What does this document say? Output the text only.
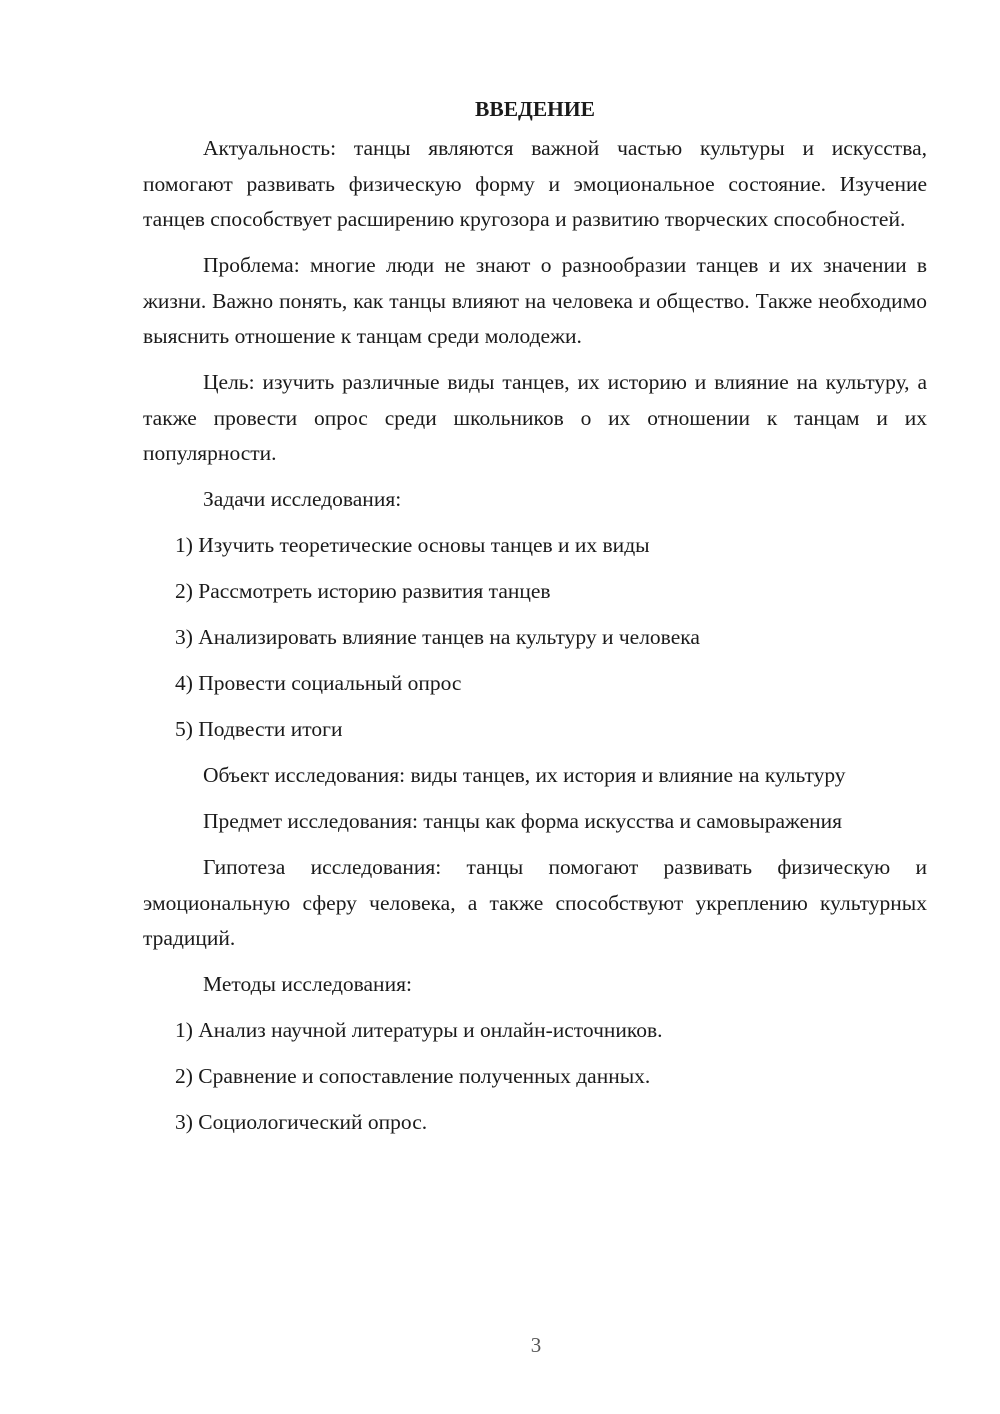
ВВЕДЕНИЕ

Актуальность: танцы являются важной частью культуры и искусства, помогают развивать физическую форму и эмоциональное состояние. Изучение танцев способствует расширению кругозора и развитию творческих способностей.

Проблема: многие люди не знают о разнообразии танцев и их значении в жизни. Важно понять, как танцы влияют на человека и общество. Также необходимо выяснить отношение к танцам среди молодежи.

Цель: изучить различные виды танцев, их историю и влияние на культуру, а также провести опрос среди школьников о их отношении к танцам и их популярности.

Задачи исследования:

1) Изучить теоретические основы танцев и их виды

2) Рассмотреть историю развития танцев

3) Анализировать влияние танцев на культуру и человека

4) Провести социальный опрос

5) Подвести итоги

Объект исследования: виды танцев, их история и влияние на культуру

Предмет исследования: танцы как форма искусства и самовыражения

Гипотеза исследования: танцы помогают развивать физическую и эмоциональную сферу человека, а также способствуют укреплению культурных традиций.

Методы исследования:

1) Анализ научной литературы и онлайн-источников.

2) Сравнение и сопоставление полученных данных.

3) Социологический опрос.

3
